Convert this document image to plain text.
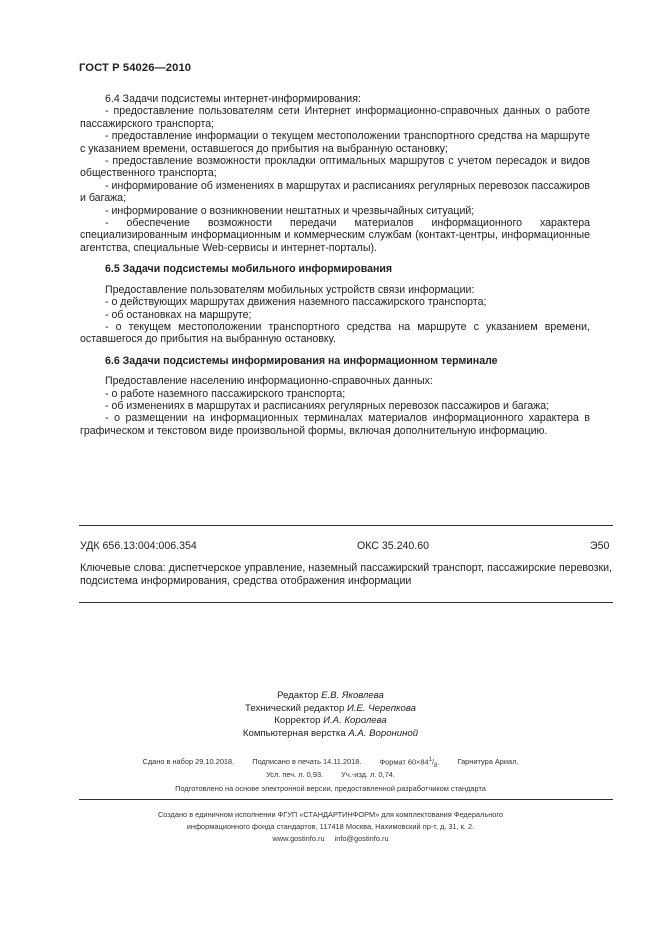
ГОСТ Р 54026—2010

6.4 Задачи подсистемы интернет-информирования:

- предоставление пользователям сети Интернет информационно-справочных данных о работе пассажирского транспорта;

- предоставление информации о текущем местоположении транспортного средства на маршруте с указанием времени, оставшегося до прибытия на выбранную остановку;

- предоставление возможности прокладки оптимальных маршрутов с учетом пересадок и видов общественного транспорта;

- информирование об изменениях в маршрутах и расписаниях регулярных перевозок пассажиров и багажа;

- информирование о возникновении нештатных и чрезвычайных ситуаций;

- обеспечение возможности передачи материалов информационного характера специализированным информационным и коммерческим службам (контакт-центры, информационные агентства, специальные Web-сервисы и интернет-порталы).

6.5 Задачи подсистемы мобильного информирования

Предоставление пользователям мобильных устройств связи информации:

- о действующих маршрутах движения наземного пассажирского транспорта;

- об остановках на маршруте;

- о текущем местоположении транспортного средства на маршруте с указанием времени, оставшегося до прибытия на выбранную остановку.

6.6 Задачи подсистемы информирования на информационном терминале

Предоставление населению информационно-справочных данных:

- о работе наземного пассажирского транспорта;

- об изменениях в маршрутах и расписаниях регулярных перевозок пассажиров и багажа;

- о размещении на информационных терминалах материалов информационного характера в графическом и текстовом виде произвольной формы, включая дополнительную информацию.

УДК 656.13:004:006.354	ОКС 35.240.60	Э50

Ключевые слова: диспетчерское управление, наземный пассажирский транспорт, пассажирские перевозки, подсистема информирования, средства отображения информации

Редактор Е.В. Яковлева
Технический редактор И.Е. Черепкова
Корректор И.А. Королева
Компьютерная верстка А.А. Ворониной
Сдано в набор 29.10.2018. Подписано в печать 14.11.2018. Формат $60\times 84^1/_8$. Гарнитура Ариал.
Усл. печ. л. 0,93. Уч.-изд. л. 0,74.
Подготовлено на основе электронной версии, предоставленной разработчиком стандарта
Создано в единичном исполнении ФГУП «СТАНДАРТИНФОРМ» для комплектования Федерального
информационного фонда стандартов, 117418 Москва, Нахимовский пр-т, д. 31, к. 2.
www.gostinfo.ru info@gostinfo.ru
